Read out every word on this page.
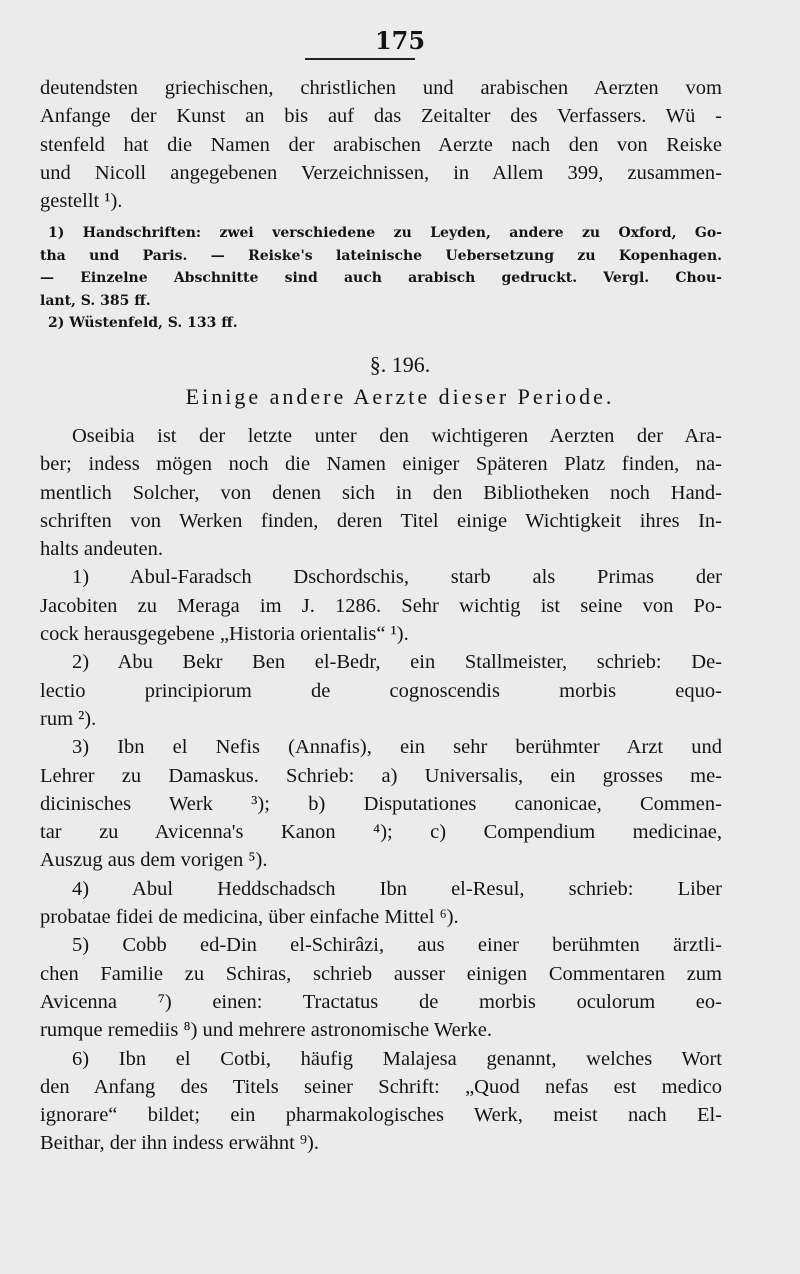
175
deutendsten griechischen, christlichen und arabischen Aerzten vom
Anfange der Kunst an bis auf das Zeitalter des Verfassers. Wü -
stenfeld hat die Namen der arabischen Aerzte nach den von Reiske
und Nicoll angegebenen Verzeichnissen, in Allem 399, zusammen-
gestellt ¹).
1) Handschriften: zwei verschiedene zu Leyden, andere zu Oxford, Go-
tha und Paris. — Reiske's lateinische Uebersetzung zu Kopenhagen.
— Einzelne Abschnitte sind auch arabisch gedruckt. Vergl. Chou-
lant, S. 385 ff.
2) Wüstenfeld, S. 133 ff.
§. 196.
Einige andere Aerzte dieser Periode.
Oseibia ist der letzte unter den wichtigeren Aerzten der Ara-
ber; indess mögen noch die Namen einiger Späteren Platz finden, na-
mentlich Solcher, von denen sich in den Bibliotheken noch Hand-
schriften von Werken finden, deren Titel einige Wichtigkeit ihres In-
halts andeuten.
1) Abul-Faradsch Dschordschis, starb als Primas der
Jacobiten zu Meraga im J. 1286. Sehr wichtig ist seine von Po-
cock herausgegebene „Historia orientalis“ ¹).
2) Abu Bekr Ben el-Bedr, ein Stallmeister, schrieb: De-
lectio principiorum de cognoscendis morbis equo-
rum ²).
3) Ibn el Nefis (Annafis), ein sehr berühmter Arzt und
Lehrer zu Damaskus. Schrieb: a) Universalis, ein grosses me-
dicinisches Werk ³); b) Disputationes canonicae, Commen-
tar zu Avicenna's Kanon ⁴); c) Compendium medicinae,
Auszug aus dem vorigen ⁵).
4) Abul Heddschadsch Ibn el-Resul, schrieb: Liber
probatae fidei de medicina, über einfache Mittel ⁶).
5) Cobb ed-Din el-Schirâzi, aus einer berühmten ärztli-
chen Familie zu Schiras, schrieb ausser einigen Commentaren zum
Avicenna ⁷) einen: Tractatus de morbis oculorum eo-
rumque remediis ⁸) und mehrere astronomische Werke.
6) Ibn el Cotbi, häufig Malajesa genannt, welches Wort
den Anfang des Titels seiner Schrift: „Quod nefas est medico
ignorare“ bildet; ein pharmakologisches Werk, meist nach El-
Beithar, der ihn indess erwähnt ⁹).
